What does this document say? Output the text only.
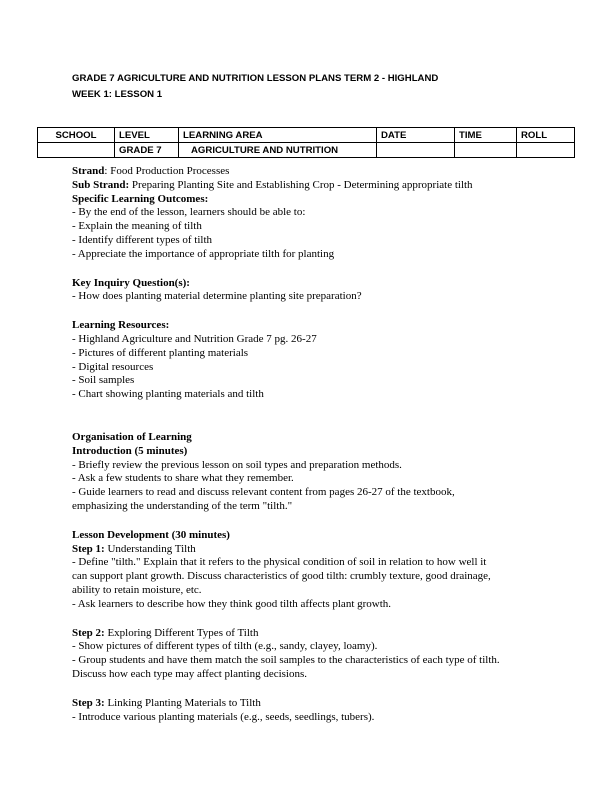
GRADE 7 AGRICULTURE AND NUTRITION LESSON PLANS TERM 2 - HIGHLAND
WEEK 1: LESSON 1
SCHOOL	LEVEL	LEARNING AREA	DATE	TIME	ROLL
	GRADE 7	AGRICULTURE AND NUTRITION			

Strand: Food Production Processes

Sub Strand: Preparing Planting Site and Establishing Crop - Determining appropriate tilth

Specific Learning Outcomes:

- By the end of the lesson, learners should be able to:

- Explain the meaning of tilth

- Identify different types of tilth

- Appreciate the importance of appropriate tilth for planting

Key Inquiry Question(s):

- How does planting material determine planting site preparation?

Learning Resources:

- Highland Agriculture and Nutrition Grade 7 pg. 26-27

- Pictures of different planting materials

- Digital resources

- Soil samples

- Chart showing planting materials and tilth

Organisation of Learning

Introduction (5 minutes)

- Briefly review the previous lesson on soil types and preparation methods.

- Ask a few students to share what they remember.

- Guide learners to read and discuss relevant content from pages 26-27 of the textbook,

emphasizing the understanding of the term "tilth."

Lesson Development (30 minutes)

Step 1: Understanding Tilth

- Define "tilth." Explain that it refers to the physical condition of soil in relation to how well it

can support plant growth. Discuss characteristics of good tilth: crumbly texture, good drainage,

ability to retain moisture, etc.

- Ask learners to describe how they think good tilth affects plant growth.

Step 2: Exploring Different Types of Tilth

- Show pictures of different types of tilth (e.g., sandy, clayey, loamy).

- Group students and have them match the soil samples to the characteristics of each type of tilth.

Discuss how each type may affect planting decisions.

Step 3: Linking Planting Materials to Tilth

- Introduce various planting materials (e.g., seeds, seedlings, tubers).
